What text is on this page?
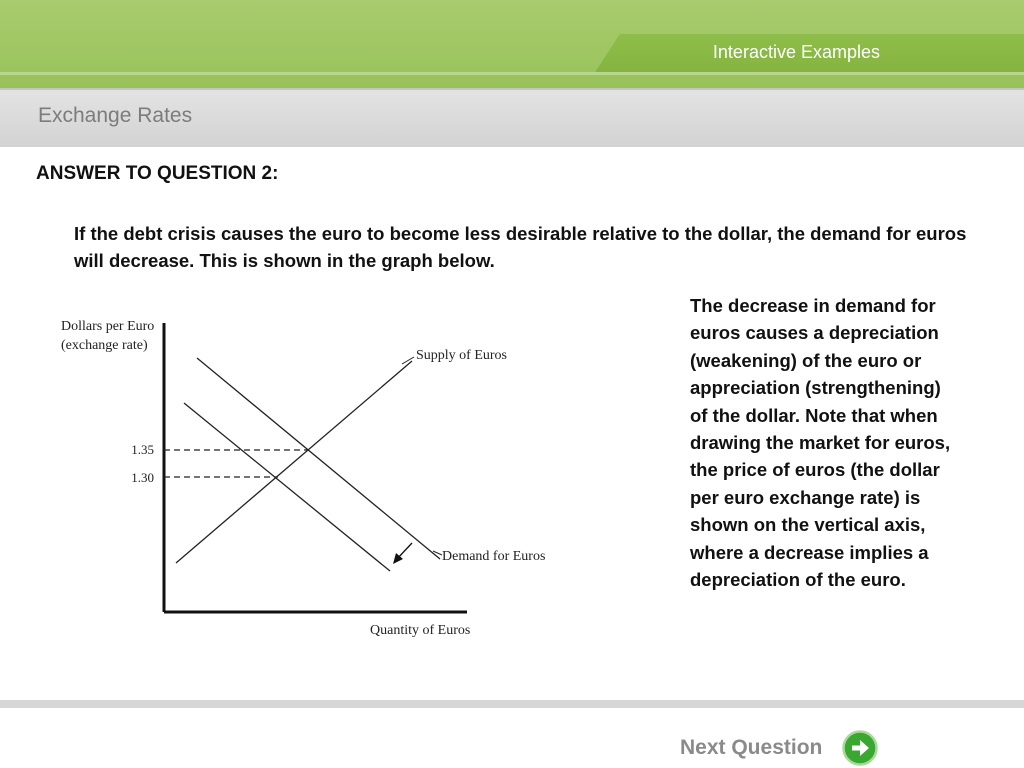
Interactive Examples
Exchange Rates
ANSWER TO QUESTION 2:
If the debt crisis causes the euro to become less desirable relative to the dollar, the demand for euros will decrease. This is shown in the graph below.
Dollars per Euro
(exchange rate)
1.35
1.30
Supply of Euros
Demand for Euros
Quantity of Euros
The decrease in demand for euros causes a depreciation (weakening) of the euro or appreciation (strengthening) of the dollar. Note that when drawing the market for euros, the price of euros (the dollar per euro exchange rate) is shown on the vertical axis, where a decrease implies a depreciation of the euro.
Next Question
